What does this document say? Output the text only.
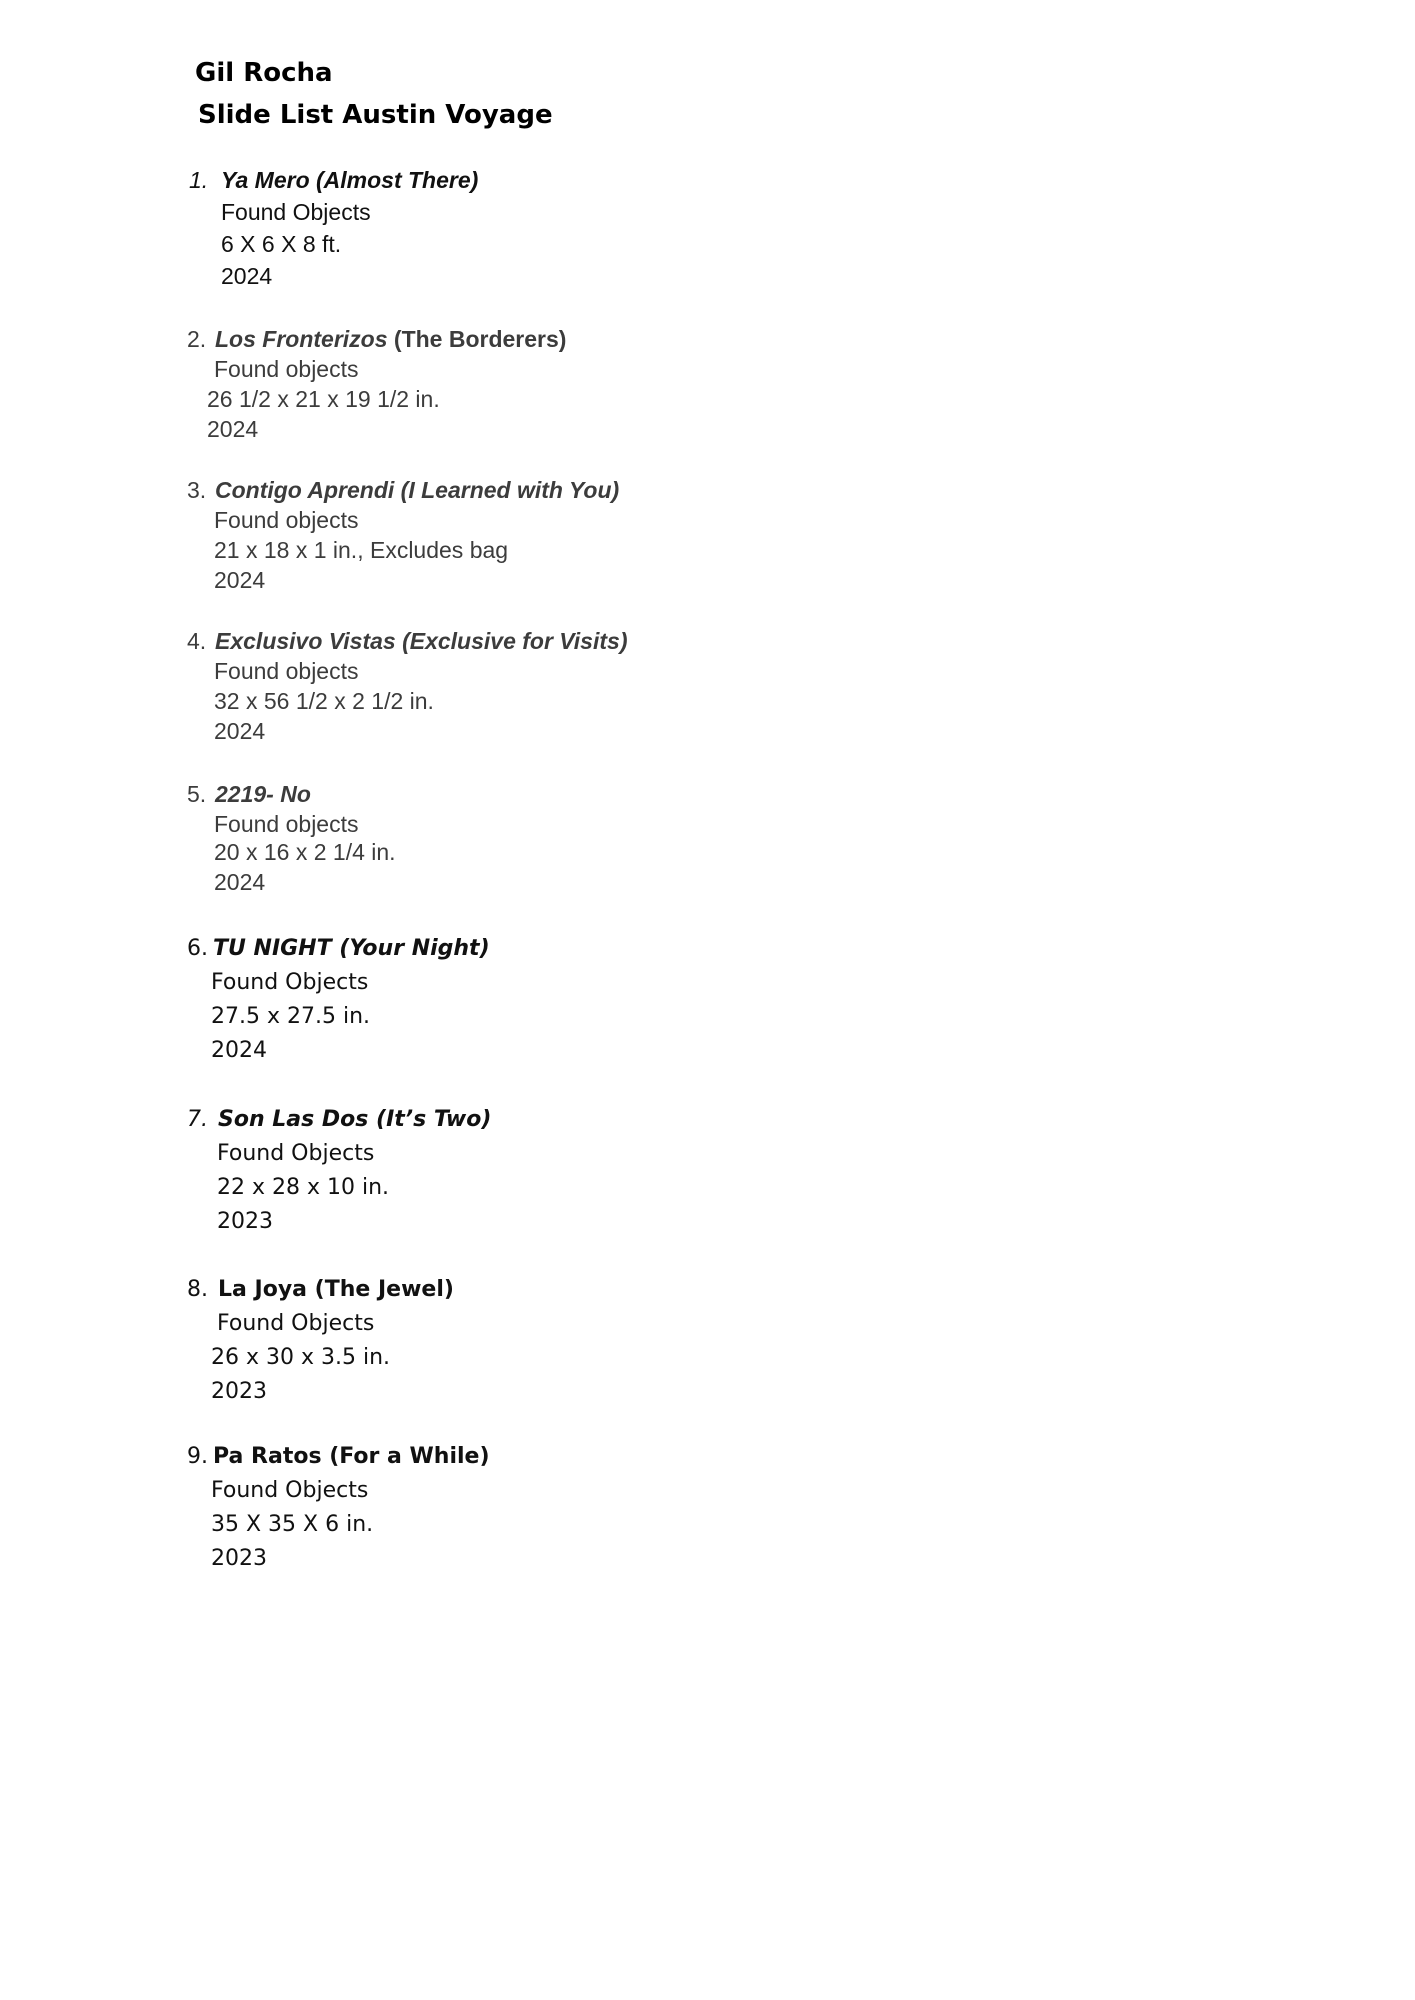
Gil Rocha
Slide List Austin Voyage
1. Ya Mero (Almost There)
Found Objects
6 X 6 X 8 ft.
2024
2. Los Fronterizos (The Borderers)
Found objects
26 1/2 x 21 x 19 1/2 in.
2024
3. Contigo Aprendi (I Learned with You)
Found objects
21 x 18 x 1 in., Excludes bag
2024
4. Exclusivo Vistas (Exclusive for Visits)
Found objects
32 x 56 1/2 x 2 1/2 in.
2024
5. 2219- No
Found objects
20 x 16 x 2 1/4 in.
2024
6. TU NIGHT (Your Night)
Found Objects
27.5 x 27.5 in.
2024
7. Son Las Dos (It’s Two)
Found Objects
22 x 28 x 10 in.
2023
8. La Joya (The Jewel)
Found Objects
26 x 30 x 3.5 in.
2023
9. Pa Ratos (For a While)
Found Objects
35 X 35 X 6 in.
2023
